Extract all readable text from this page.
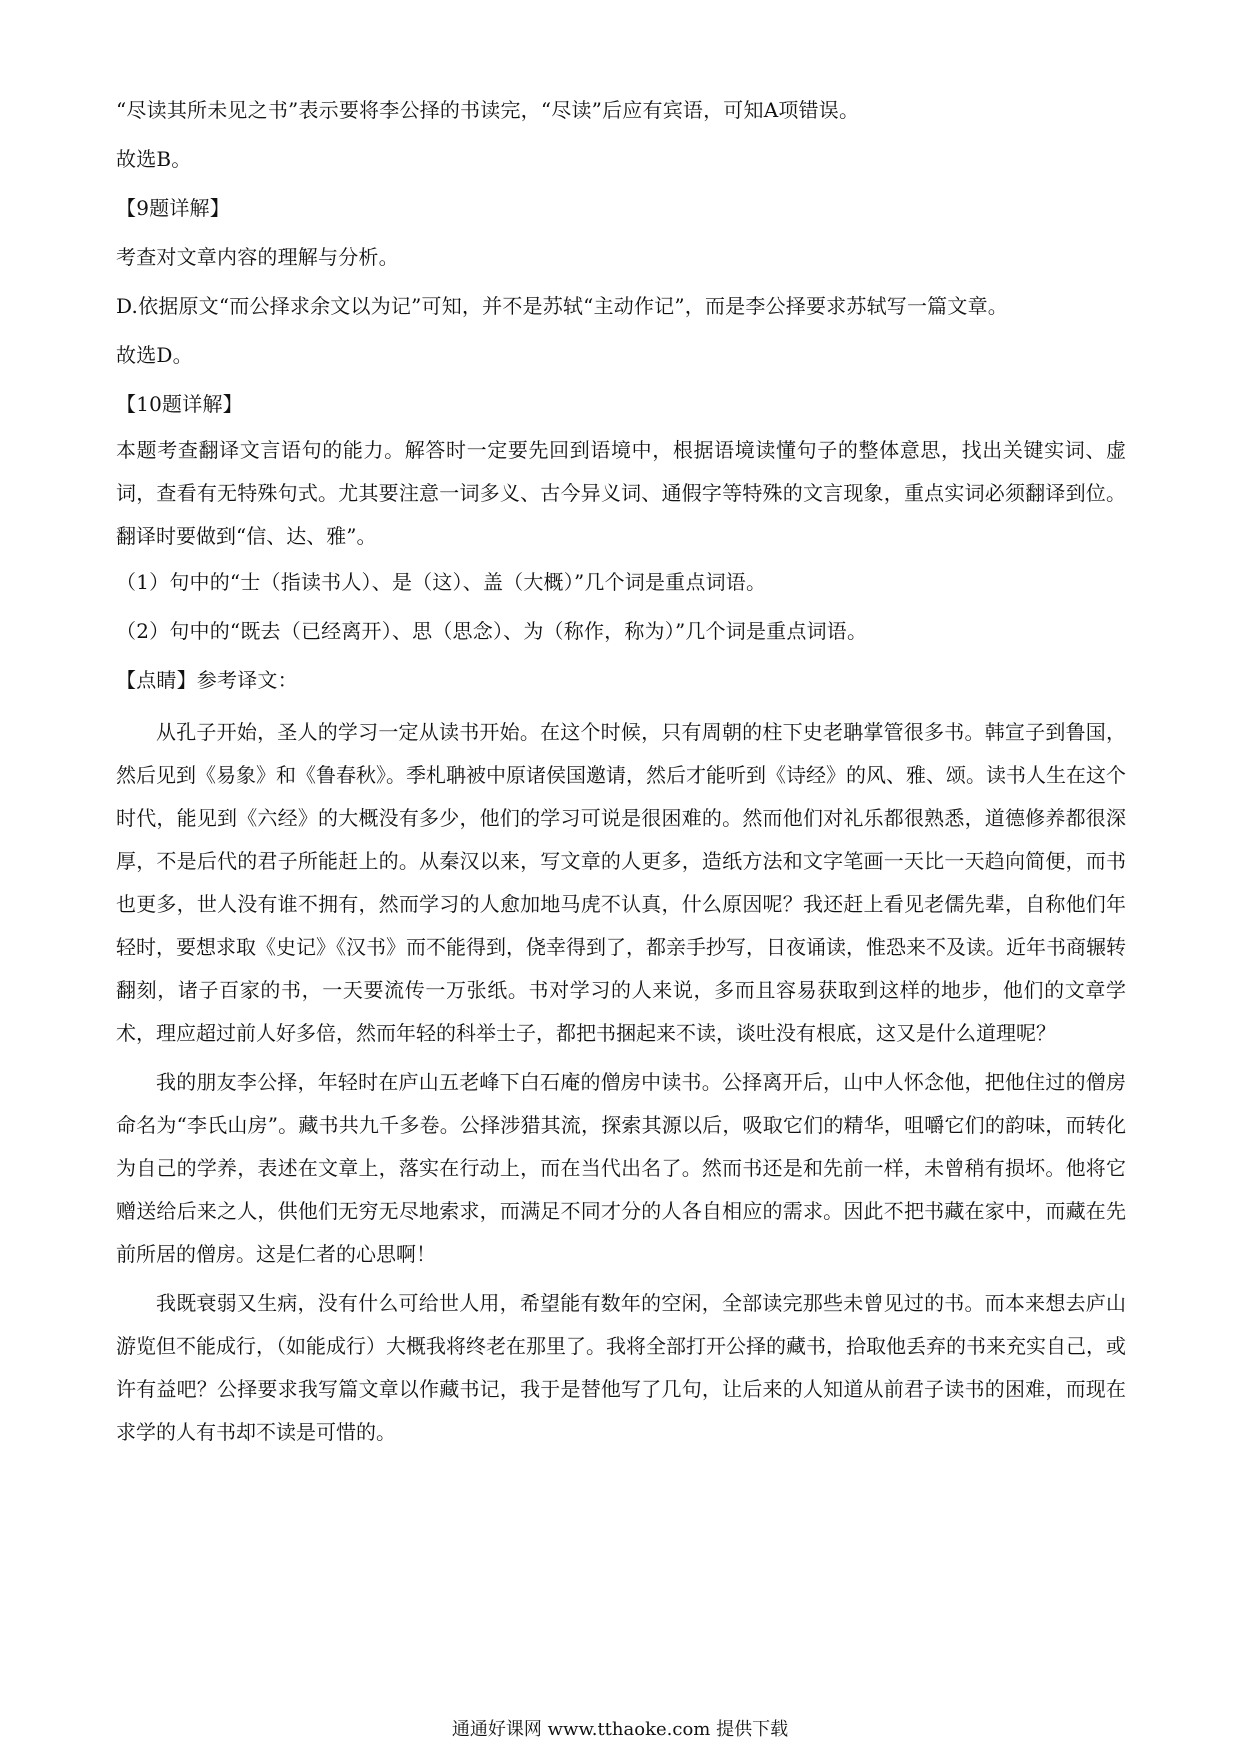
“尽读其所未见之书”表示要将李公择的书读完，“尽读”后应有宾语，可知A项错误。
故选B。
【9题详解】
考查对文章内容的理解与分析。
D.依据原文“而公择求余文以为记”可知，并不是苏轼“主动作记”，而是李公择要求苏轼写一篇文章。
故选D。
【10题详解】

本题考查翻译文言语句的能力。解答时一定要先回到语境中，根据语境读懂句子的整体意思，找出关键实词、虚词，查看有无特殊句式。尤其要注意一词多义、古今异义词、通假字等特殊的文言现象，重点实词必须翻译到位。翻译时要做到“信、达、雅”。

（1）句中的“士（指读书人）、是（这）、盖（大概）”几个词是重点词语。
（2）句中的“既去（已经离开）、思（思念）、为（称作，称为）”几个词是重点词语。
【点睛】参考译文：

从孔子开始，圣人的学习一定从读书开始。在这个时候，只有周朝的柱下史老聃掌管很多书。韩宣子到鲁国，然后见到《易象》和《鲁春秋》。季札聃被中原诸侯国邀请，然后才能听到《诗经》的风、雅、颂。读书人生在这个时代，能见到《六经》的大概没有多少，他们的学习可说是很困难的。然而他们对礼乐都很熟悉，道德修养都很深厚，不是后代的君子所能赶上的。从秦汉以来，写文章的人更多，造纸方法和文字笔画一天比一天趋向简便，而书也更多，世人没有谁不拥有，然而学习的人愈加地马虎不认真，什么原因呢？我还赶上看见老儒先辈，自称他们年轻时，要想求取《史记》《汉书》而不能得到，侥幸得到了，都亲手抄写，日夜诵读，惟恐来不及读。近年书商辗转翻刻，诸子百家的书，一天要流传一万张纸。书对学习的人来说，多而且容易获取到这样的地步，他们的文章学术，理应超过前人好多倍，然而年轻的科举士子，都把书捆起来不读，谈吐没有根底，这又是什么道理呢？

我的朋友李公择，年轻时在庐山五老峰下白石庵的僧房中读书。公择离开后，山中人怀念他，把他住过的僧房命名为“李氏山房”。藏书共九千多卷。公择涉猎其流，探索其源以后，吸取它们的精华，咀嚼它们的韵味，而转化为自己的学养，表述在文章上，落实在行动上，而在当代出名了。然而书还是和先前一样，未曾稍有损坏。他将它赠送给后来之人，供他们无穷无尽地索求，而满足不同才分的人各自相应的需求。因此不把书藏在家中，而藏在先前所居的僧房。这是仁者的心思啊！

我既衰弱又生病，没有什么可给世人用，希望能有数年的空闲，全部读完那些未曾见过的书。而本来想去庐山游览但不能成行，（如能成行）大概我将终老在那里了。我将全部打开公择的藏书，拾取他丢弃的书来充实自己，或许有益吧？公择要求我写篇文章以作藏书记，我于是替他写了几句，让后来的人知道从前君子读书的困难，而现在求学的人有书却不读是可惜的。

通通好课网 www.tthaoke.com 提供下载
